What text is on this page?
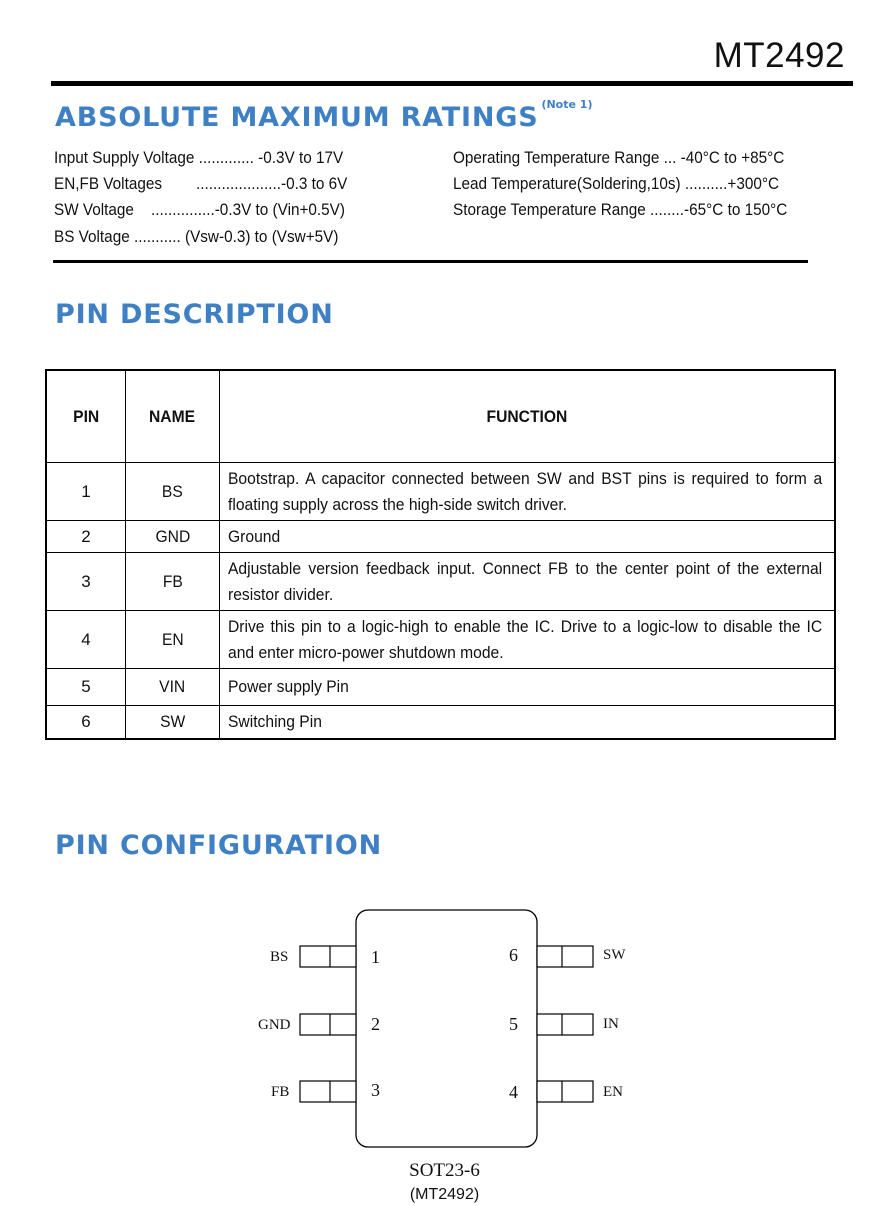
MT2492
ABSOLUTE MAXIMUM RATINGS $^{(Note 1)}$
Input Supply Voltage ............. -0.3V to 17V
EN,FB Voltages        ....................-0.3 to 6V
SW Voltage    ...............-0.3V to (Vin+0.5V)
BS Voltage ........... (Vsw-0.3) to (Vsw+5V)
Operating Temperature Range ... -40°C to +85°C
Lead Temperature(Soldering,10s) ..........+300°C
Storage Temperature Range ........-65°C to 150°C
PIN DESCRIPTION
PIN	NAME	FUNCTION
1	BS	Bootstrap. A capacitor connected between SW and BST pins is required to form a floating supply across the high-side switch driver.
2	GND	Ground
3	FB	Adjustable version feedback input. Connect FB to the center point of the external resistor divider.
4	EN	Drive this pin to a logic-high to enable the IC. Drive to a logic-low to disable the IC and enter micro-power shutdown mode.
5	VIN	Power supply Pin
6	SW	Switching Pin
PIN CONFIGURATION
BS
GND
FB
1
2
3
6
5
4
SW
IN
EN
SOT23-6
(MT2492)
